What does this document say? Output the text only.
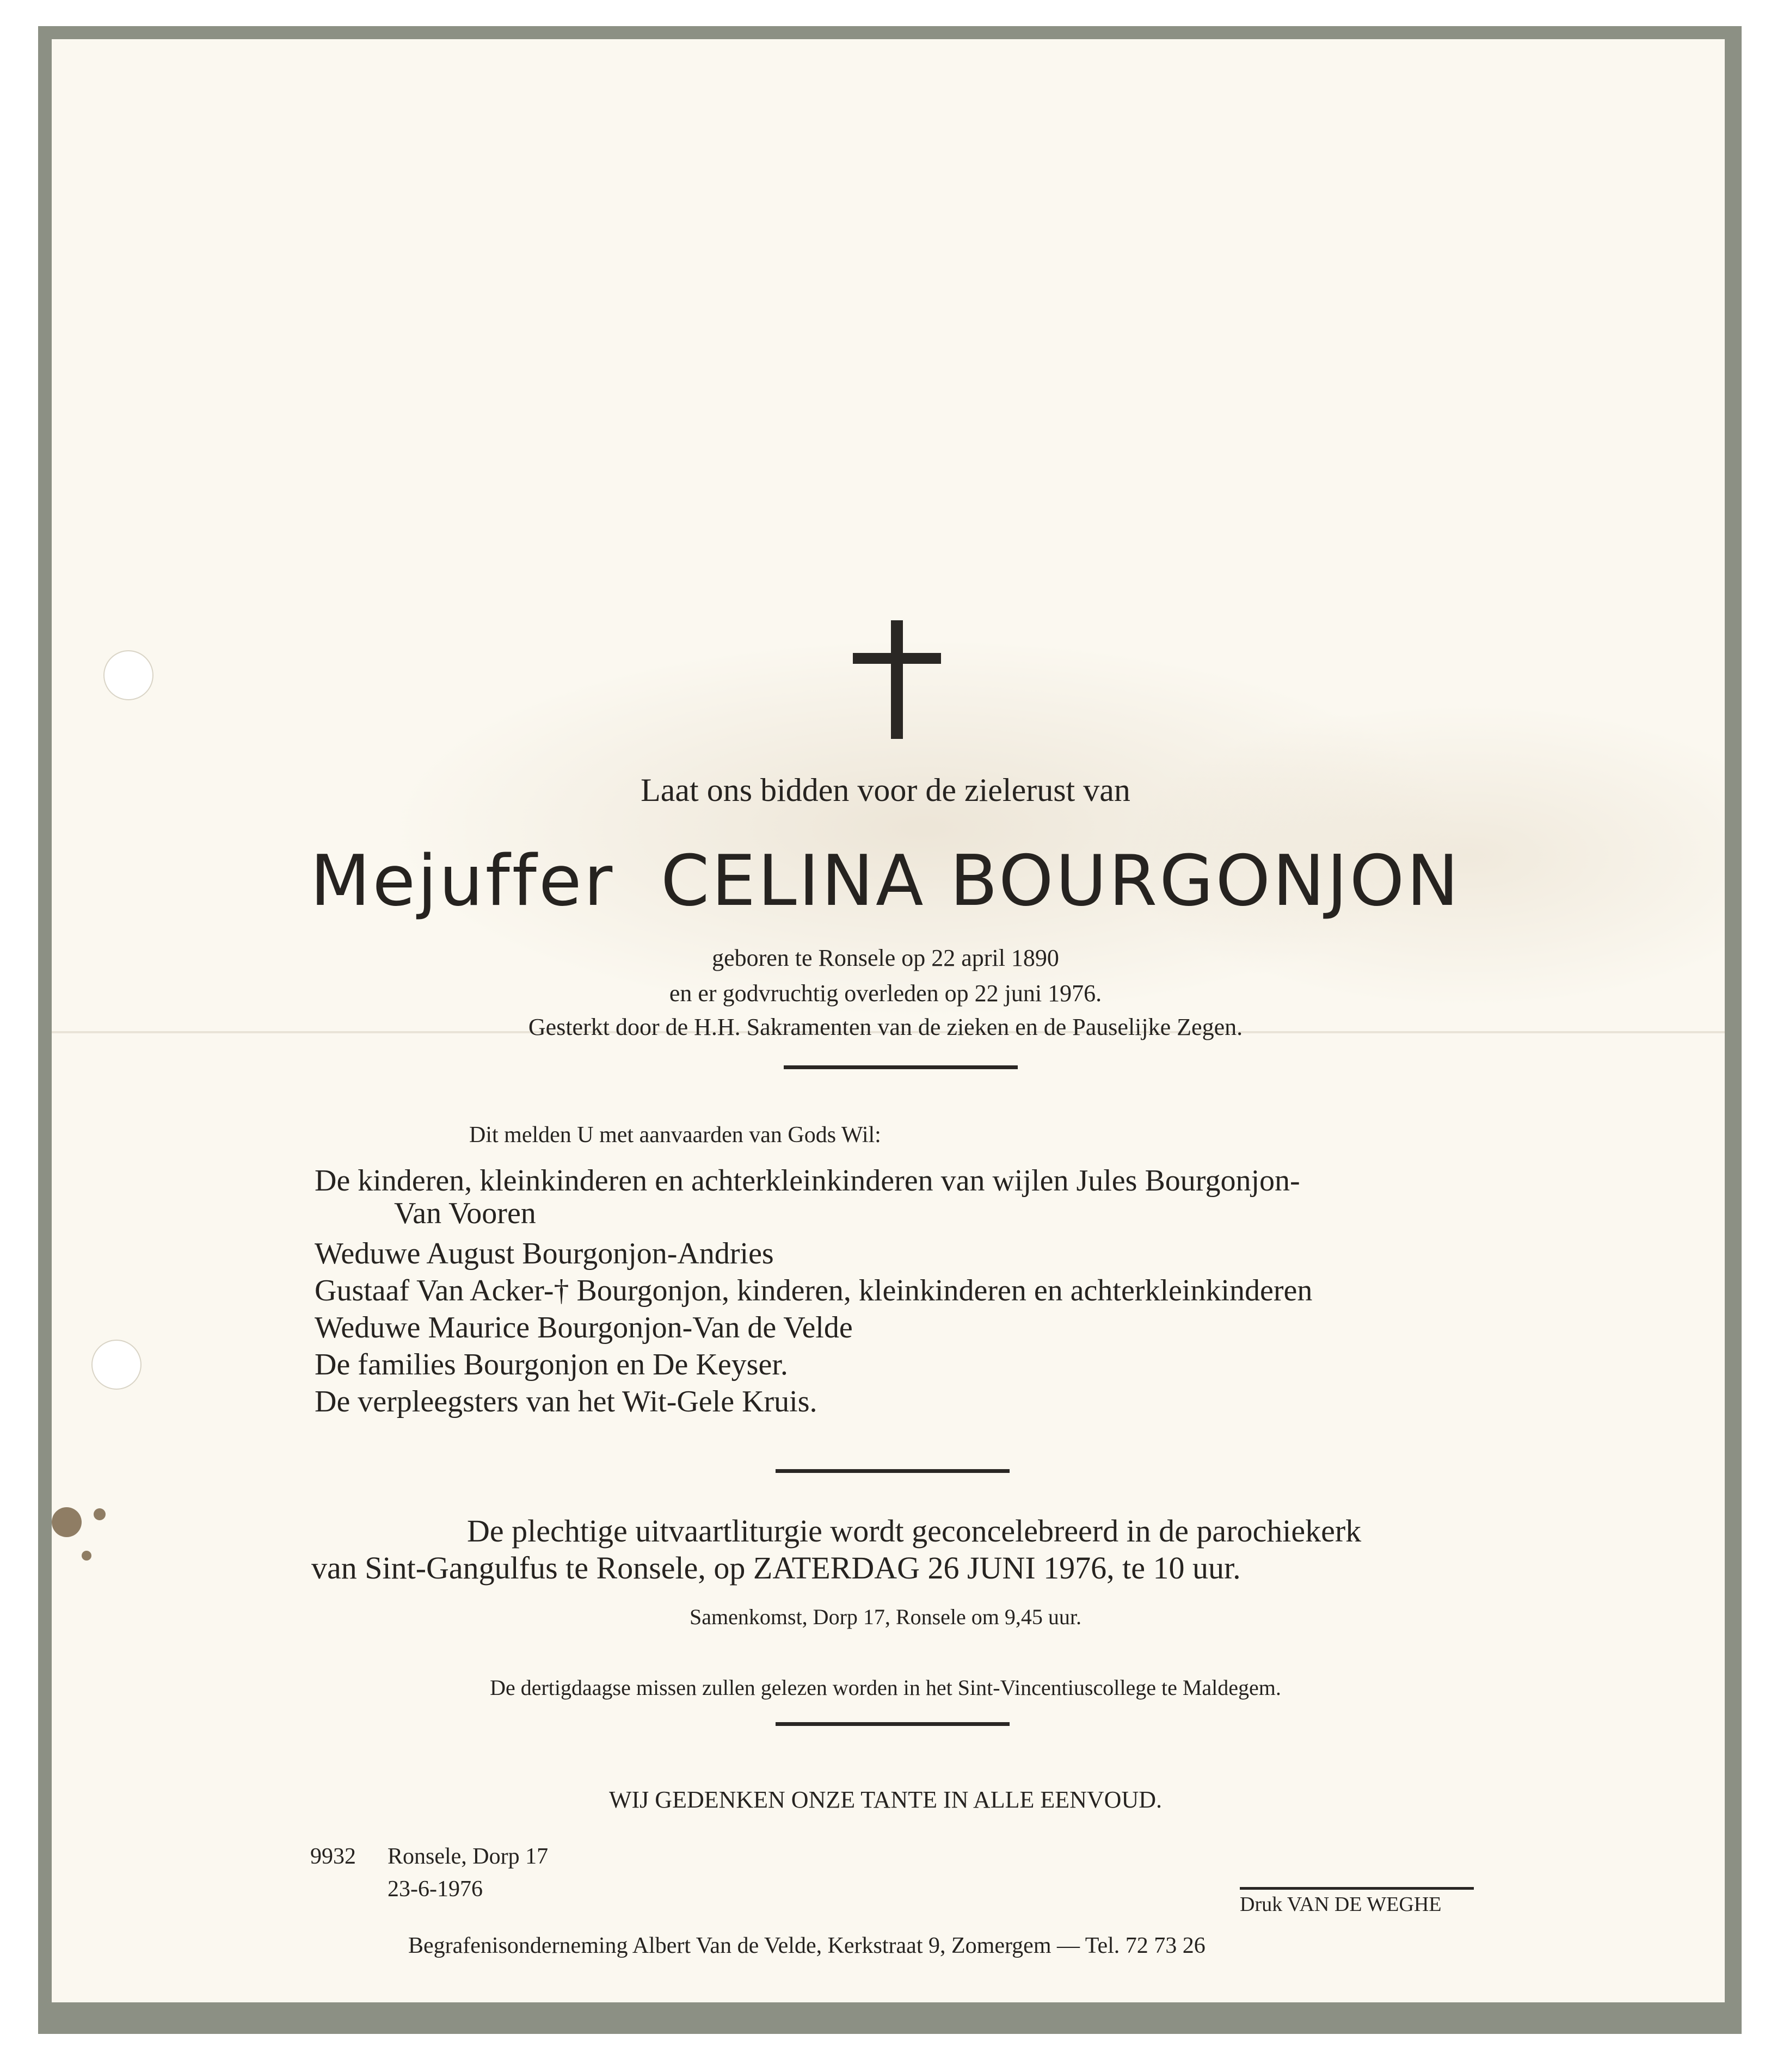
Laat ons bidden voor de zielerust van
Mejuffer CELINA BOURGONJON
geboren te Ronsele op 22 april 1890
en er godvruchtig overleden op 22 juni 1976.
Gesterkt door de H.H. Sakramenten van de zieken en de Pauselijke Zegen.
Dit melden U met aanvaarden van Gods Wil:
De kinderen, kleinkinderen en achterkleinkinderen van wijlen Jules Bourgonjon-
Van Vooren
Weduwe August Bourgonjon-Andries
Gustaaf Van Acker-† Bourgonjon, kinderen, kleinkinderen en achterkleinkinderen
Weduwe Maurice Bourgonjon-Van de Velde
De families Bourgonjon en De Keyser.
De verpleegsters van het Wit-Gele Kruis.
De plechtige uitvaartliturgie wordt geconcelebreerd in de parochiekerk
van Sint-Gangulfus te Ronsele, op ZATERDAG 26 JUNI 1976, te 10 uur.
Samenkomst, Dorp 17, Ronsele om 9,45 uur.
De dertigdaagse missen zullen gelezen worden in het Sint-Vincentiuscollege te Maldegem.
WIJ GEDENKEN ONZE TANTE IN ALLE EENVOUD.
9932 Ronsele, Dorp 17
23-6-1976
Druk VAN DE WEGHE
Begrafenisonderneming Albert Van de Velde, Kerkstraat 9, Zomergem — Tel. 72 73 26
